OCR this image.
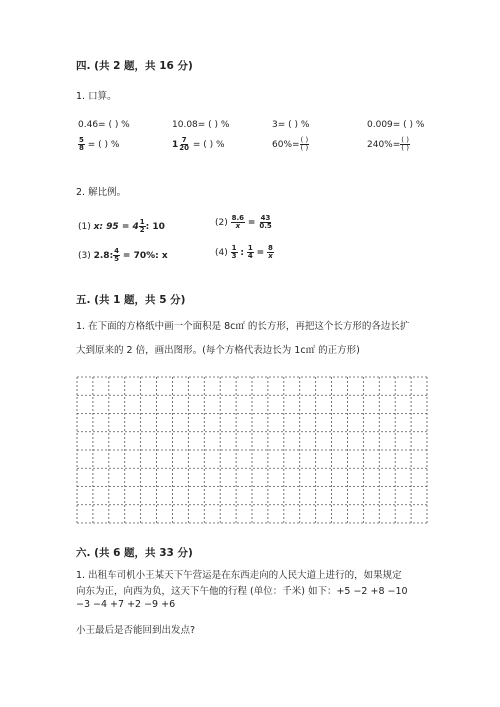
四. (共 2 题，共 16 分)
1. 口算。
0.46= ( ) %	10.08= ( ) %	3= ( ) %	0.009= ( ) %
$\frac{5}{8}$ = ( ) %	$1 \frac{7}{20}$ = ( ) %	$60\%= \frac{( )}{( )}$	$240\%= \frac{( )}{( )}$
2. 解比例。
(1) x: $95 = 4 \frac{1}{2}$ : 10	$(2) \frac{8.6}{x} = \frac{43}{0.5}$
(3) 2.8: $\frac{4}{5} = 70\%$: x	$(4) \frac{1}{3}$ : $\frac{1}{4} = \frac{8}{x}$
五. (共 1 题，共 5 分)
1. 在下面的方格纸中画一个面积是 8c㎡ 的长方形，再把这个长方形的各边长扩
大到原来的 2 倍，画出图形。(每个方格代表边长为 1c㎡ 的正方形)
六. (共 6 题，共 33 分)
1. 出租车司机小王某天下午营运是在东西走向的人民大道上进行的，如果规定
向东为正，向西为负，这天下午他的行程 (单位：千米) 如下：+5 −2 +8 −10
−3 −4 +7 +2 −9 +6
小王最后是否能回到出发点?
